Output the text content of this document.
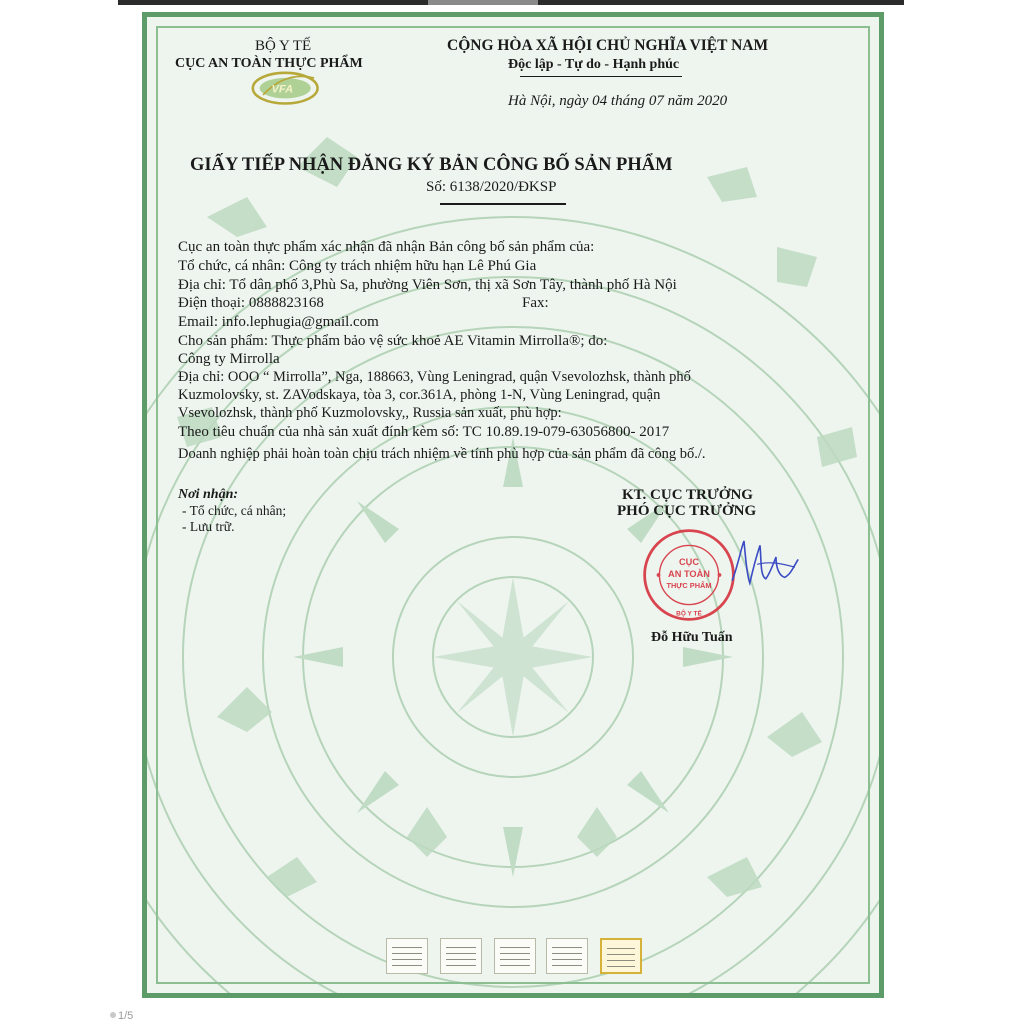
BỘ Y TẾ
CỤC AN TOÀN THỰC PHẨM
VFA
CỘNG HÒA XÃ HỘI CHỦ NGHĨA VIỆT NAM
Độc lập - Tự do - Hạnh phúc
Hà Nội, ngày 04 tháng 07 năm 2020
GIẤY TIẾP NHẬN ĐĂNG KÝ BẢN CÔNG BỐ SẢN PHẨM
Số: 6138/2020/ĐKSP
Cục an toàn thực phẩm xác nhận đã nhận Bản công bố sản phẩm của:
Tổ chức, cá nhân: Công ty trách nhiệm hữu hạn Lê Phú Gia
Địa chỉ: Tổ dân phố 3,Phù Sa, phường Viên Sơn, thị xã Sơn Tây, thành phố Hà Nội
Điện thoại: 0888823168	Fax:
Email: info.lephugia@gmail.com
Cho sản phẩm: Thực phẩm bảo vệ sức khoẻ AE Vitamin Mirrolla®; do:
Công ty Mirrolla
Địa chỉ: OOO “ Mirrolla”, Nga, 188663, Vùng Leningrad, quận Vsevolozhsk, thành phố
Kuzmolovsky, st. ZAVodskaya, tòa 3, cor.361A, phòng 1-N, Vùng Leningrad, quận
Vsevolozhsk, thành phố Kuzmolovsky,, Russia sản xuất, phù hợp:
Theo tiêu chuẩn của nhà sản xuất đính kèm số: TC 10.89.19-079-63056800- 2017
Doanh nghiệp phải hoàn toàn chịu trách nhiệm về tính phù hợp của sản phẩm đã công bố./.
Nơi nhận:
- Tổ chức, cá nhân;
- Lưu trữ.
KT. CỤC TRƯỞNG
PHÓ CỤC TRƯỞNG
CỤC
AN TOÀN
THỰC PHẨM
BỘ Y TẾ
Đỗ Hữu Tuấn
1/5
